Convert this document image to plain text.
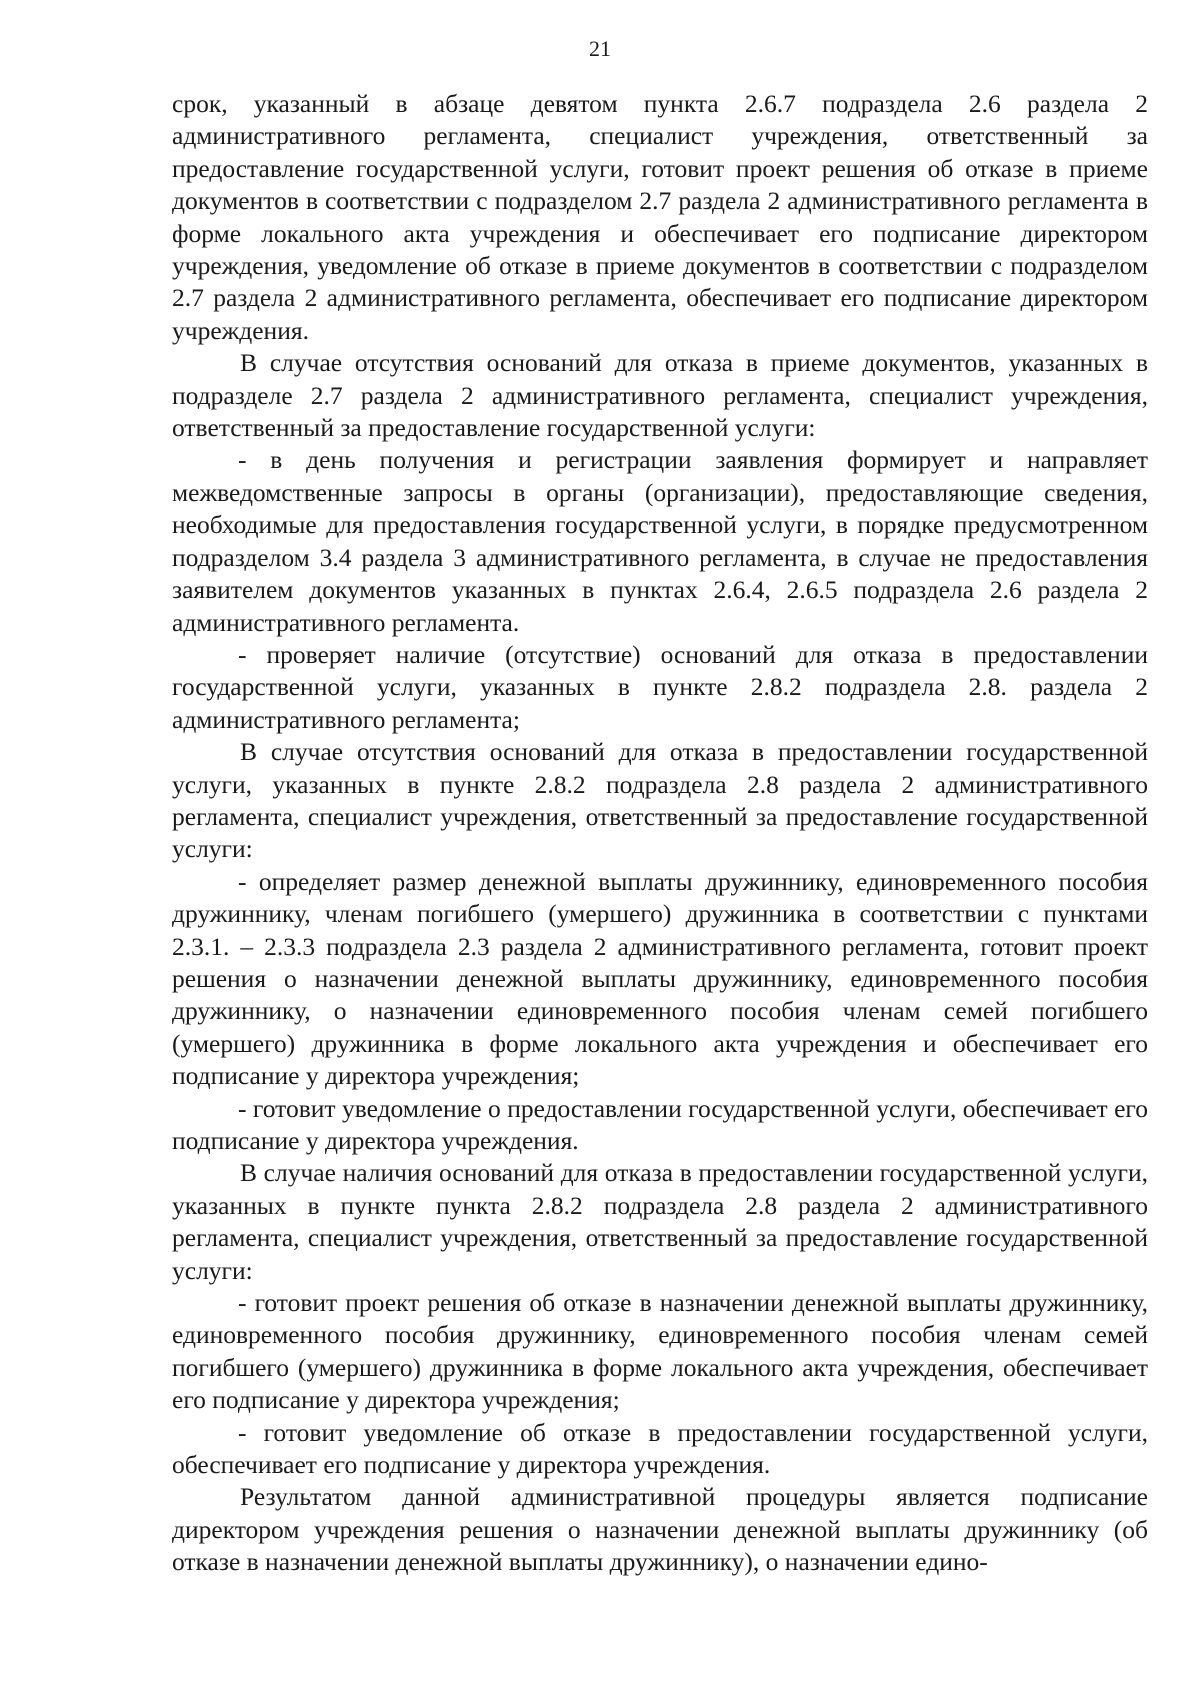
21

срок, указанный в абзаце девятом пункта 2.6.7 подраздела 2.6 раздела 2 административного регламента, специалист учреждения, ответственный за предоставление государственной услуги, готовит проект решения об отказе в приеме документов в соответствии с подразделом 2.7 раздела 2 административного регламента в форме локального акта учреждения и обеспечивает его подписание директором учреждения, уведомление об отказе в приеме документов в соответствии с подразделом 2.7 раздела 2 административного регламента, обеспечивает его подписание директором учреждения.

В случае отсутствия оснований для отказа в приеме документов, указанных в подразделе 2.7 раздела 2 административного регламента, специалист учреждения, ответственный за предоставление государственной услуги:

- в день получения и регистрации заявления формирует и направляет межведомственные запросы в органы (организации), предоставляющие сведения, необходимые для предоставления государственной услуги, в порядке предусмотренном подразделом 3.4 раздела 3 административного регламента, в случае не предоставления заявителем документов указанных в пунктах 2.6.4, 2.6.5 подраздела 2.6 раздела 2 административного регламента.

- проверяет наличие (отсутствие) оснований для отказа в предоставлении государственной услуги, указанных в пункте 2.8.2 подраздела 2.8. раздела 2 административного регламента;

В случае отсутствия оснований для отказа в предоставлении государственной услуги, указанных в пункте 2.8.2 подраздела 2.8 раздела 2 административного регламента, специалист учреждения, ответственный за предоставление государственной услуги:

- определяет размер денежной выплаты дружиннику, единовременного пособия дружиннику, членам погибшего (умершего) дружинника в соответствии с пунктами 2.3.1. – 2.3.3 подраздела 2.3 раздела 2 административного регламента, готовит проект решения о назначении денежной выплаты дружиннику, единовременного пособия дружиннику, о назначении единовременного пособия членам семей погибшего (умершего) дружинника в форме локального акта учреждения и обеспечивает его подписание у директора учреждения;

- готовит уведомление о предоставлении государственной услуги, обеспечивает его подписание у директора учреждения.

В случае наличия оснований для отказа в предоставлении государственной услуги, указанных в пункте пункта 2.8.2 подраздела 2.8 раздела 2 административного регламента, специалист учреждения, ответственный за предоставление государственной услуги:

- готовит проект решения об отказе в назначении денежной выплаты дружиннику, единовременного пособия дружиннику, единовременного пособия членам семей погибшего (умершего) дружинника в форме локального акта учреждения, обеспечивает его подписание у директора учреждения;

- готовит уведомление об отказе в предоставлении государственной услуги, обеспечивает его подписание у директора учреждения.

Результатом данной административной процедуры является подписание директором учреждения решения о назначении денежной выплаты дружиннику (об отказе в назначении денежной выплаты дружиннику), о назначении едино-
